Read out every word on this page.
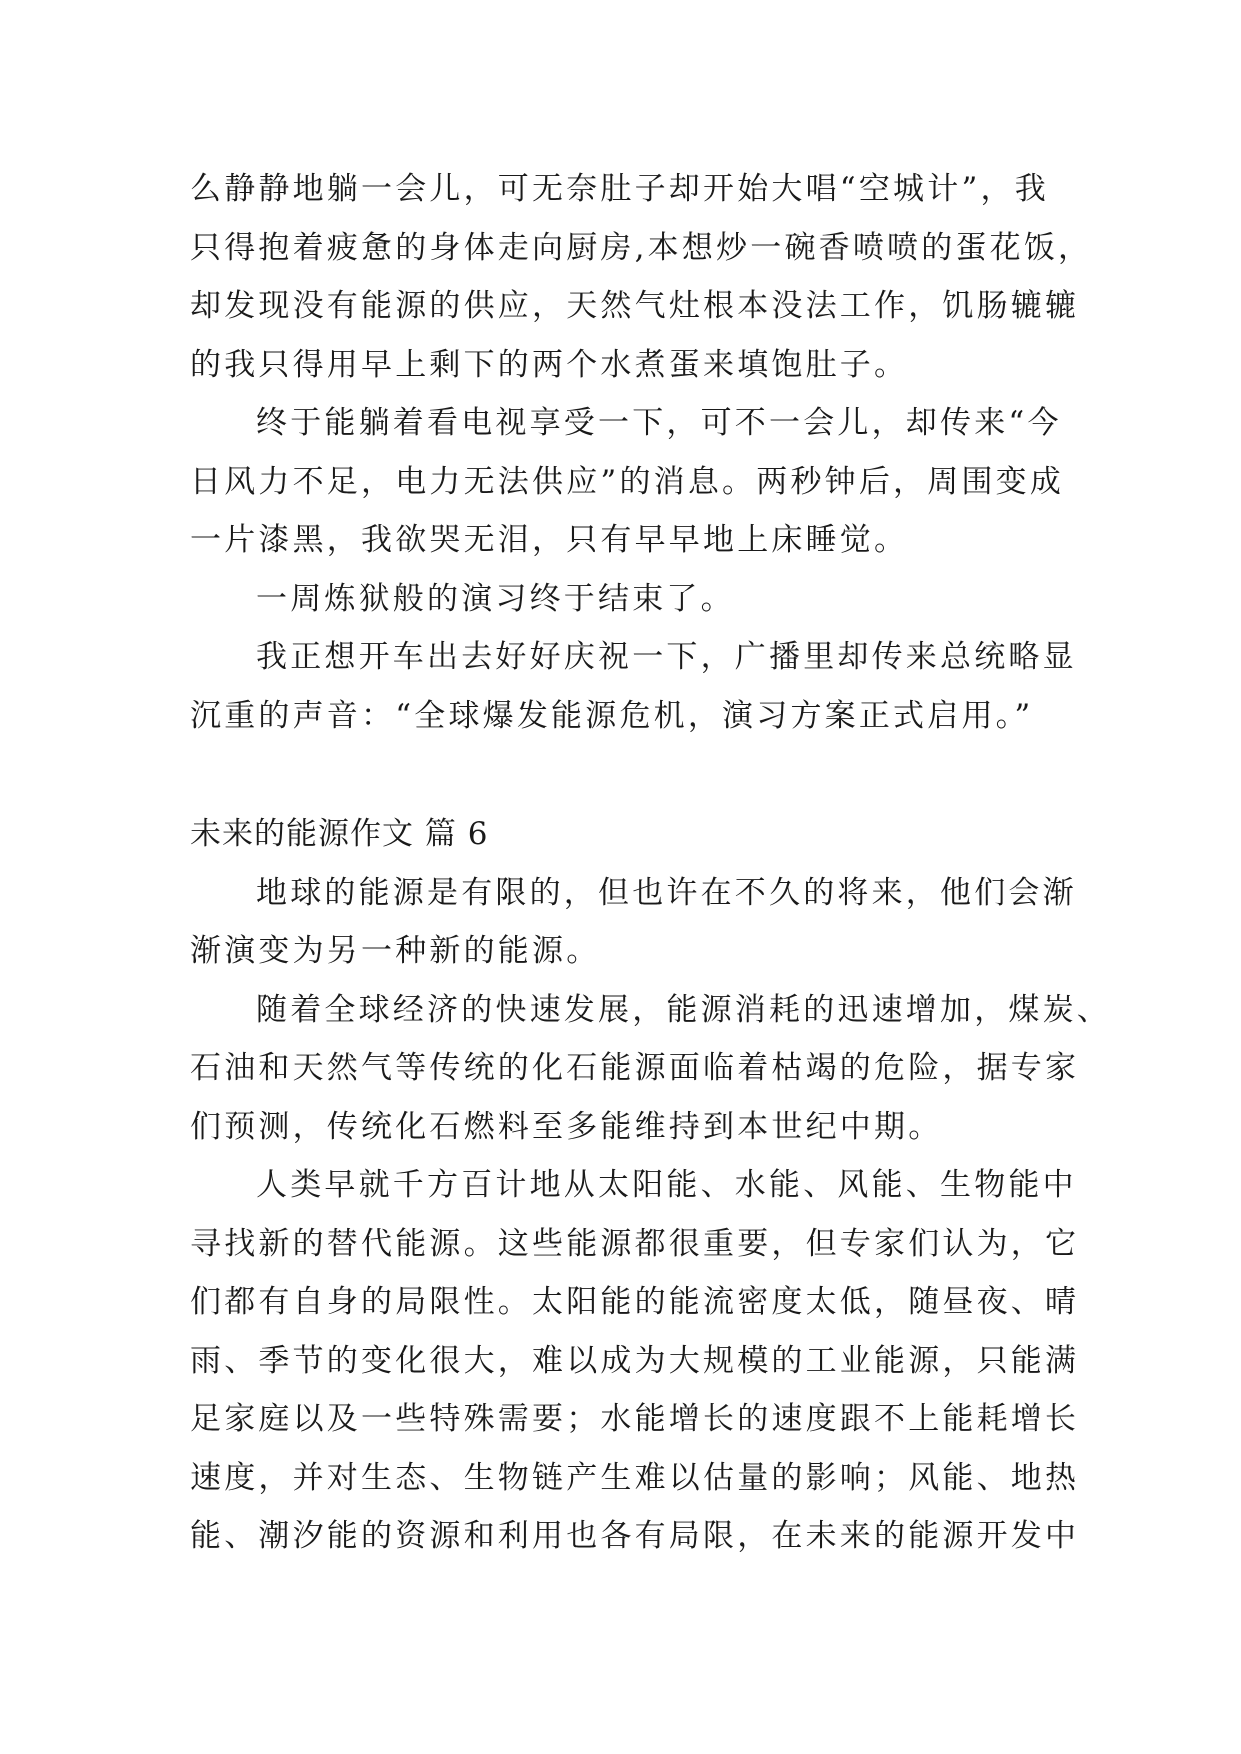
么静静地躺一会儿，可无奈肚子却开始大唱“空城计”，我
只得抱着疲惫的身体走向厨房,本想炒一碗香喷喷的蛋花饭，
却发现没有能源的供应，天然气灶根本没法工作，饥肠辘辘
的我只得用早上剩下的两个水煮蛋来填饱肚子。
终于能躺着看电视享受一下，可不一会儿，却传来“今
日风力不足，电力无法供应”的消息。两秒钟后，周围变成
一片漆黑，我欲哭无泪，只有早早地上床睡觉。
一周炼狱般的演习终于结束了。
我正想开车出去好好庆祝一下，广播里却传来总统略显
沉重的声音：“全球爆发能源危机，演习方案正式启用。”
未来的能源作文 篇 6
地球的能源是有限的，但也许在不久的将来，他们会渐
渐演变为另一种新的能源。
随着全球经济的快速发展，能源消耗的迅速增加，煤炭、
石油和天然气等传统的化石能源面临着枯竭的危险，据专家
们预测，传统化石燃料至多能维持到本世纪中期。
人类早就千方百计地从太阳能、水能、风能、生物能中
寻找新的替代能源。这些能源都很重要，但专家们认为，它
们都有自身的局限性。太阳能的能流密度太低，随昼夜、晴
雨、季节的变化很大，难以成为大规模的工业能源，只能满
足家庭以及一些特殊需要；水能增长的速度跟不上能耗增长
速度，并对生态、生物链产生难以估量的影响；风能、地热
能、潮汐能的资源和利用也各有局限，在未来的能源开发中
